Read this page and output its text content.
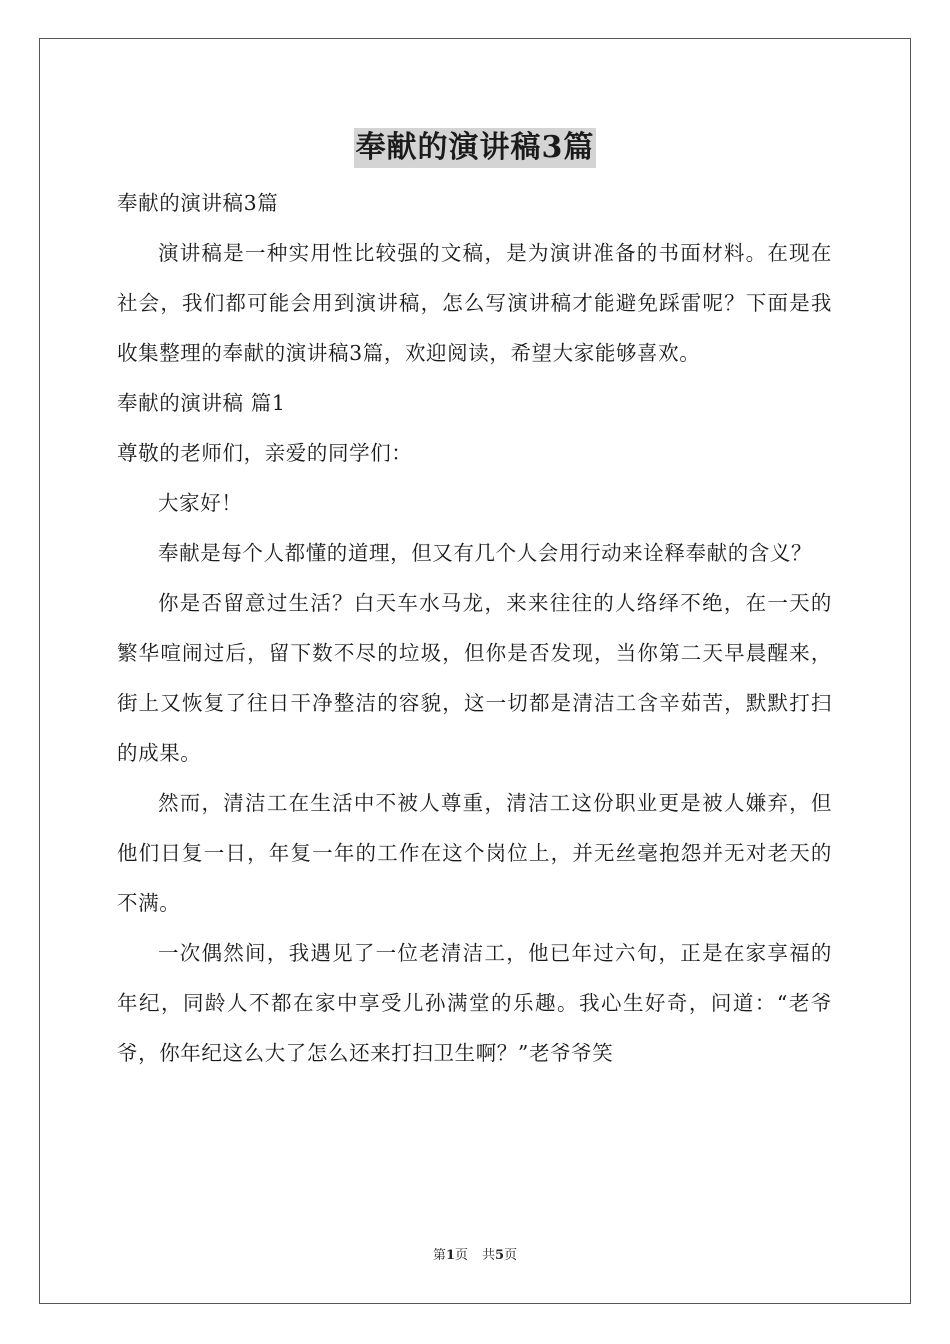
奉献的演讲稿3篇

奉献的演讲稿3篇

演讲稿是一种实用性比较强的文稿，是为演讲准备的书面材料。在现在社会，我们都可能会用到演讲稿，怎么写演讲稿才能避免踩雷呢？下面是我收集整理的奉献的演讲稿3篇，欢迎阅读，希望大家能够喜欢。

奉献的演讲稿 篇1

尊敬的老师们，亲爱的同学们：

大家好！

奉献是每个人都懂的道理，但又有几个人会用行动来诠释奉献的含义？

你是否留意过生活？白天车水马龙，来来往往的人络绎不绝，在一天的繁华喧闹过后，留下数不尽的垃圾，但你是否发现，当你第二天早晨醒来，街上又恢复了往日干净整洁的容貌，这一切都是清洁工含辛茹苦，默默打扫的成果。

然而，清洁工在生活中不被人尊重，清洁工这份职业更是被人嫌弃，但他们日复一日，年复一年的工作在这个岗位上，并无丝毫抱怨并无对老天的不满。

一次偶然间，我遇见了一位老清洁工，他已年过六旬，正是在家享福的年纪，同龄人不都在家中享受儿孙满堂的乐趣。我心生好奇，问道：“老爷爷，你年纪这么大了怎么还来打扫卫生啊？”老爷爷笑

第1页 共5页
